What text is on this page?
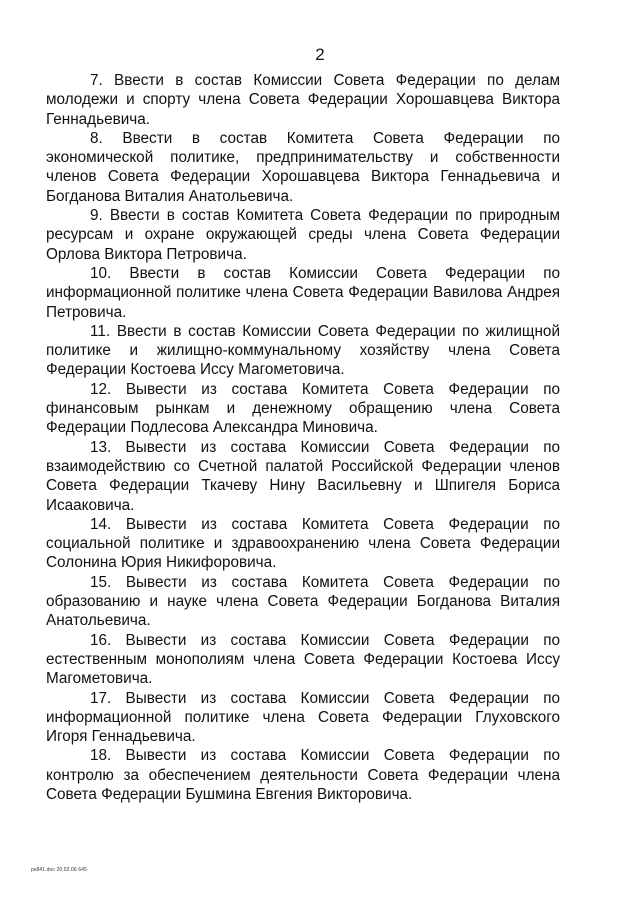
2

7. Ввести в состав Комиссии Совета Федерации по делам молодежи и спорту члена Совета Федерации Хорошавцева Виктора Геннадьевича.

8. Ввести в состав Комитета Совета Федерации по экономической политике, предпринимательству и собственности членов Совета Федерации Хорошавцева Виктора Геннадьевича и Богданова Виталия Анатольевича.

9. Ввести в состав Комитета Совета Федерации по природным ресурсам и охране окружающей среды члена Совета Федерации Орлова Виктора Петровича.

10. Ввести в состав Комиссии Совета Федерации по информационной политике члена Совета Федерации Вавилова Андрея Петровича.

11. Ввести в состав Комиссии Совета Федерации по жилищной политике и жилищно-коммунальному хозяйству члена Совета Федерации Костоева Иссу Магометовича.

12. Вывести из состава Комитета Совета Федерации по финансовым рынкам и денежному обращению члена Совета Федерации Подлесова Александра Миновича.

13. Вывести из состава Комиссии Совета Федерации по взаимодействию со Счетной палатой Российской Федерации членов Совета Федерации Ткачеву Нину Васильевну и Шпигеля Бориса Исааковича.

14. Вывести из состава Комитета Совета Федерации по социальной политике и здравоохранению члена Совета Федерации Солонина Юрия Никифоровича.

15. Вывести из состава Комитета Совета Федерации по образованию и науке члена Совета Федерации Богданова Виталия Анатольевича.

16. Вывести из состава Комиссии Совета Федерации по естественным монополиям члена Совета Федерации Костоева Иссу Магометовича.

17. Вывести из состава Комиссии Совета Федерации по информационной политике члена Совета Федерации Глуховского Игоря Геннадьевича.

18. Вывести из состава Комиссии Совета Федерации по контролю за обеспечением деятельности Совета Федерации члена Совета Федерации Бушмина Евгения Викторовича.

ps841.doc 20.02.06 645
